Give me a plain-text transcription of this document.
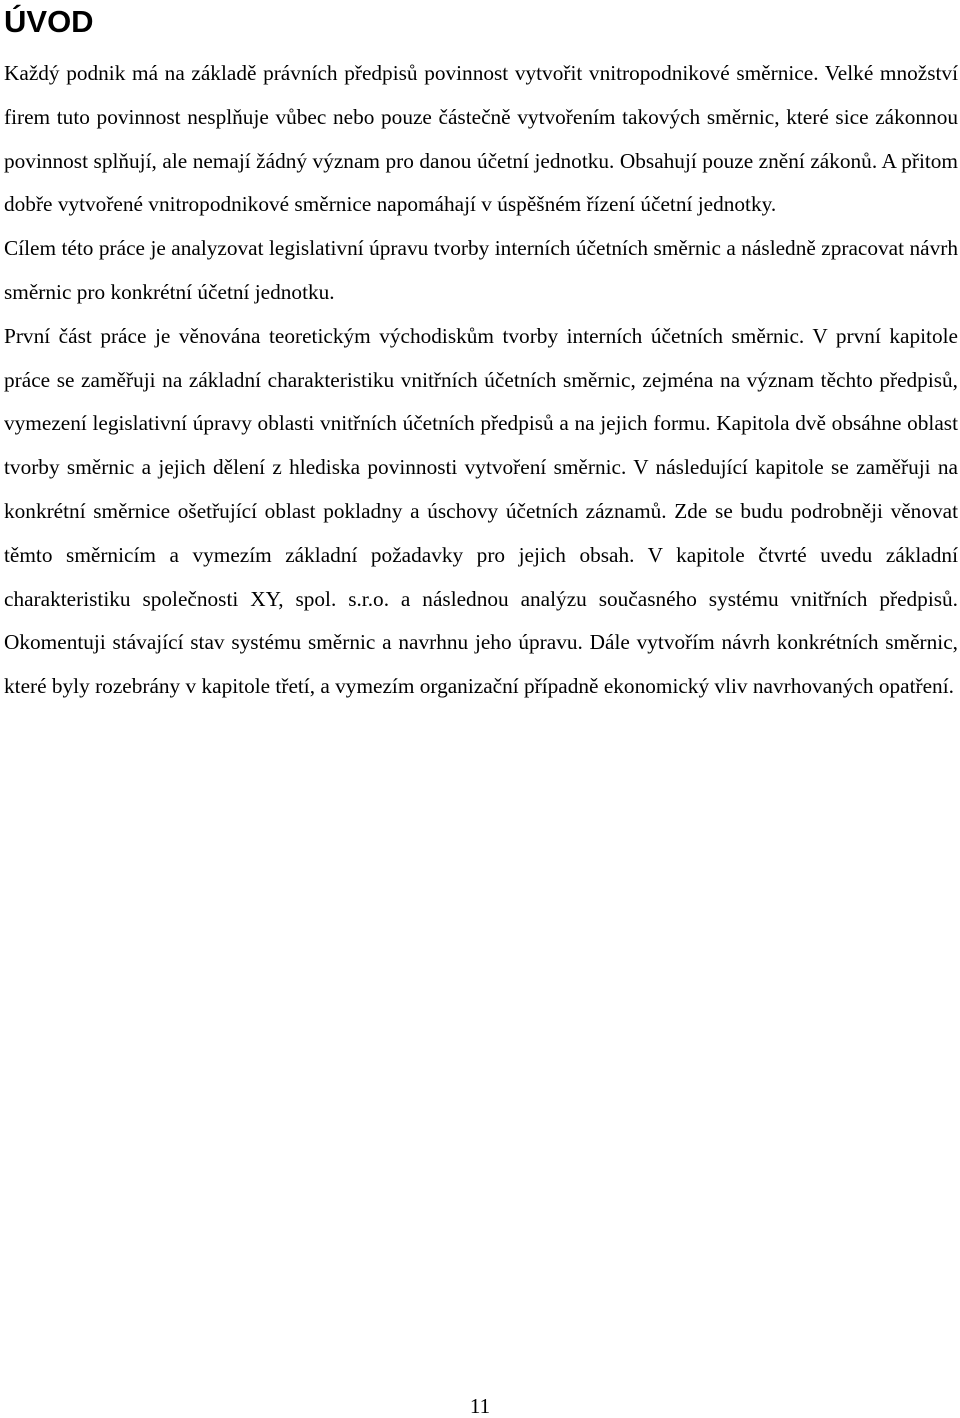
ÚVOD

Každý podnik má na základě právních předpisů povinnost vytvořit vnitropodnikové směrnice. Velké množství firem tuto povinnost nesplňuje vůbec nebo pouze částečně vytvořením takových směrnic, které sice zákonnou povinnost splňují, ale nemají žádný význam pro danou účetní jednotku. Obsahují pouze znění zákonů. A přitom dobře vytvořené vnitropodnikové směrnice napomáhají v úspěšném řízení účetní jednotky.

Cílem této práce je analyzovat legislativní úpravu tvorby interních účetních směrnic a následně zpracovat návrh směrnic pro konkrétní účetní jednotku.

První část práce je věnována teoretickým východiskům tvorby interních účetních směrnic. V první kapitole práce se zaměřuji na základní charakteristiku vnitřních účetních směrnic, zejména na význam těchto předpisů, vymezení legislativní úpravy oblasti vnitřních účetních předpisů a na jejich formu. Kapitola dvě obsáhne oblast tvorby směrnic a jejich dělení z hlediska povinnosti vytvoření směrnic. V následující kapitole se zaměřuji na konkrétní směrnice ošetřující oblast pokladny a úschovy účetních záznamů. Zde se budu podrobněji věnovat těmto směrnicím a vymezím základní požadavky pro jejich obsah. V kapitole čtvrté uvedu základní charakteristiku společnosti XY, spol. s.r.o. a následnou analýzu současného systému vnitřních předpisů. Okomentuji stávající stav systému směrnic a navrhnu jeho úpravu. Dále vytvořím návrh konkrétních směrnic, které byly rozebrány v kapitole třetí, a vymezím organizační případně ekonomický vliv navrhovaných opatření.

11
